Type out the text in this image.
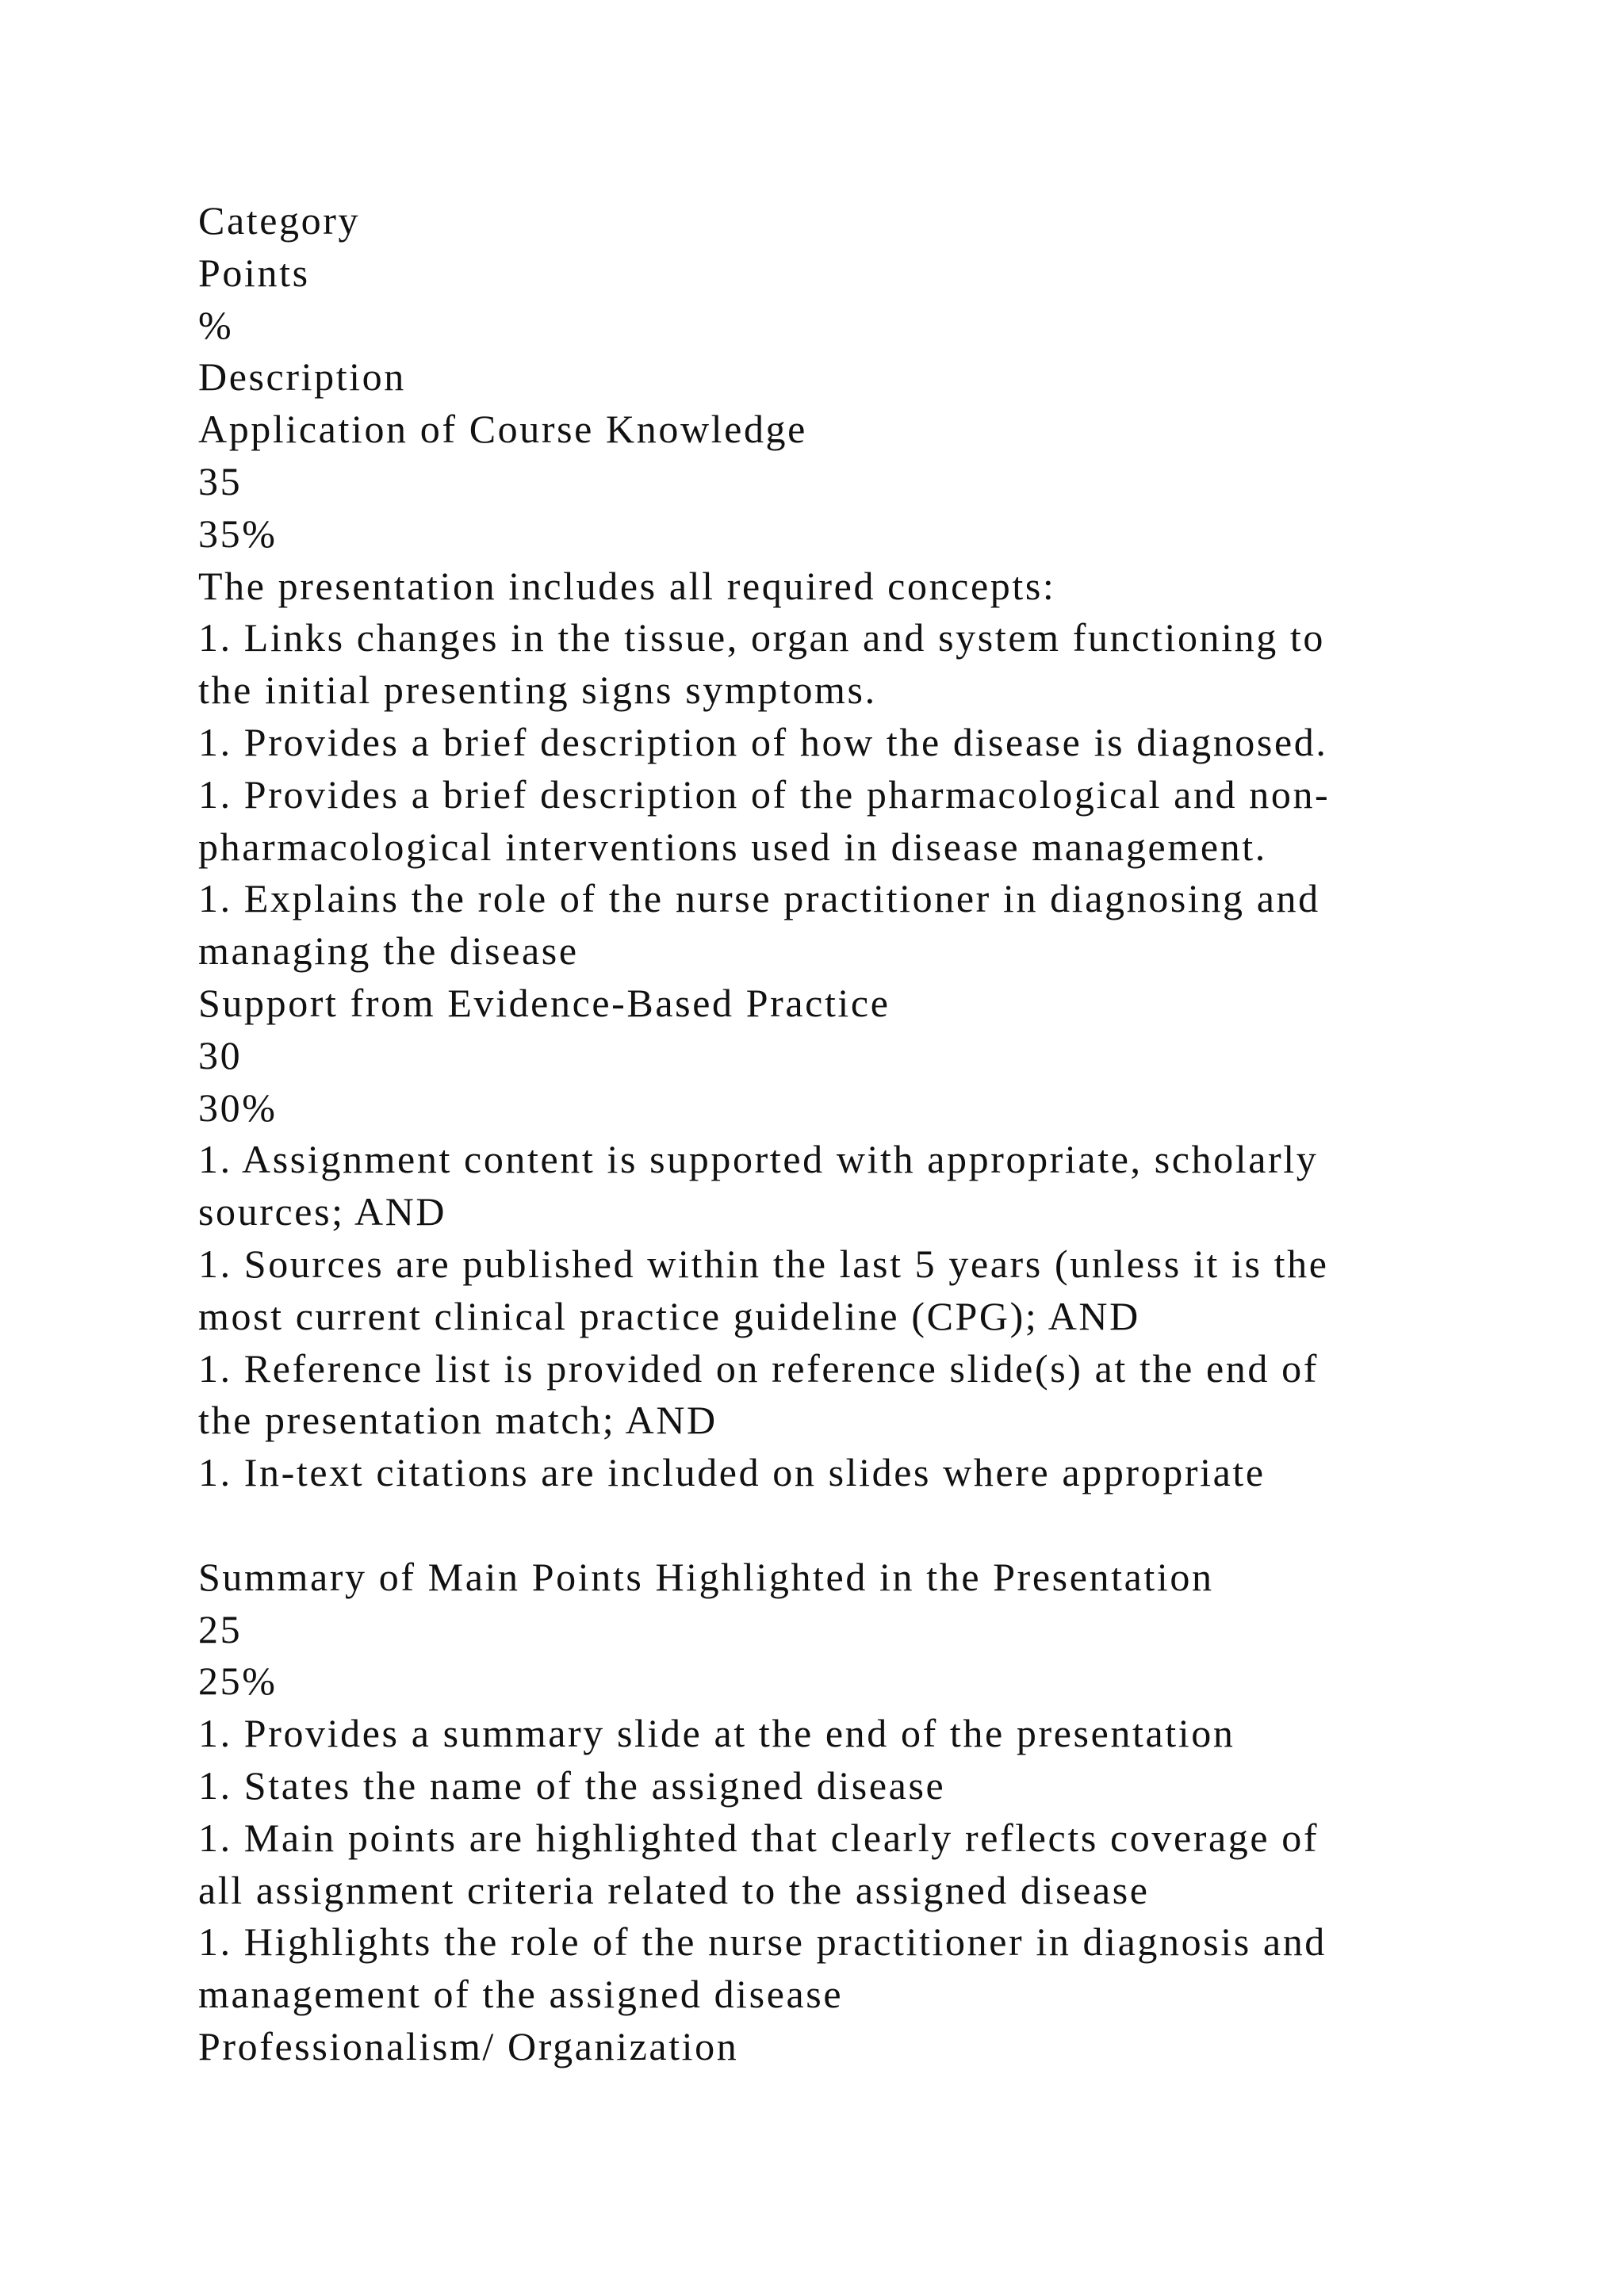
Category
Points
%
Description
Application of Course Knowledge
35
35%
The presentation includes all required concepts:
1. Links changes in the tissue, organ and system functioning to
the initial presenting signs symptoms.
1. Provides a brief description of how the disease is diagnosed.
1. Provides a brief description of the pharmacological and non-
pharmacological interventions used in disease management.
1. Explains the role of the nurse practitioner in diagnosing and
managing the disease
Support from Evidence-Based Practice
30
30%
1. Assignment content is supported with appropriate, scholarly
sources; AND
1. Sources are published within the last 5 years (unless it is the
most current clinical practice guideline (CPG); AND
1. Reference list is provided on reference slide(s) at the end of
the presentation match; AND
1. In-text citations are included on slides where appropriate
Summary of Main Points Highlighted in the Presentation
25
25%
1. Provides a summary slide at the end of the presentation
1. States the name of the assigned disease
1. Main points are highlighted that clearly reflects coverage of
all assignment criteria related to the assigned disease
1. Highlights the role of the nurse practitioner in diagnosis and
management of the assigned disease
Professionalism/ Organization
